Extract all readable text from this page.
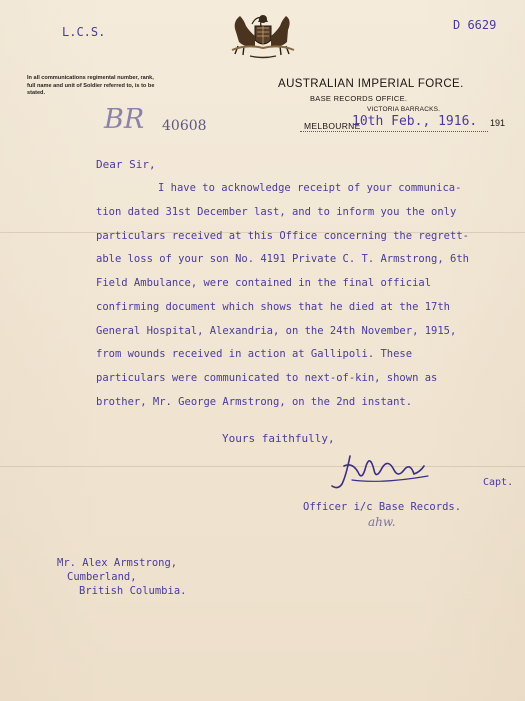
L.C.S.	D 6629
In all communications regimental number, rank, full name and unit of Soldier referred to, is to be stated.
AUSTRALIAN IMPERIAL FORCE.
BASE RECORDS OFFICE.
VICTORIA BARRACKS.
MELBOURNE
10th Feb., 1916. 191
BR 40608
Dear Sir,
I have to acknowledge receipt of your communica-
tion dated 31st December last, and to inform you the only
particulars received at this Office concerning the regrett-
able loss of your son No. 4191 Private C. T. Armstrong, 6th
Field Ambulance, were contained in the final official
confirming document which shows that he died at the 17th
General Hospital, Alexandria, on the 24th November, 1915,
from wounds received in action at Gallipoli. These
particulars were communicated to next-of-kin, shown as
brother, Mr. George Armstrong, on the 2nd instant.
Yours faithfully,
Capt.
Officer i/c Base Records.
ahw.
Mr. Alex Armstrong,
Cumberland,
British Columbia.
